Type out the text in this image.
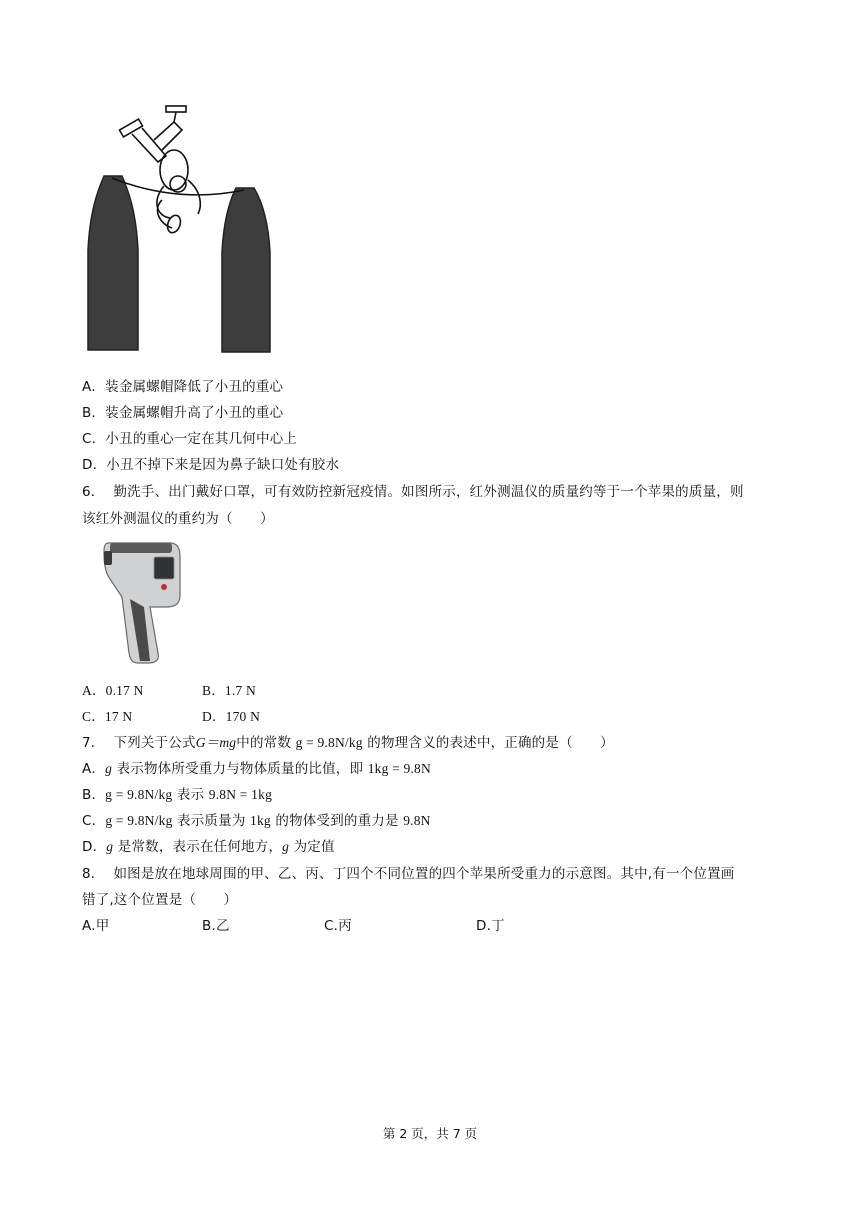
A．装金属螺帽降低了小丑的重心
B．装金属螺帽升高了小丑的重心
C．小丑的重心一定在其几何中心上
D．小丑不掉下来是因为鼻子缺口处有胶水
6． 勤洗手、出门戴好口罩，可有效防控新冠疫情。如图所示，红外测温仪的质量约等于一个苹果的质量，则
该红外测温仪的重约为（　　）
A．0.17 N	B．1.7 N
C．17 N	D．170 N
7． 下列关于公式G＝mg中的常数 g = 9.8N/kg 的物理含义的表述中，正确的是（　　）
A．g 表示物体所受重力与物体质量的比值，即 1kg = 9.8N
B．g = 9.8N/kg 表示 9.8N = 1kg
C．g = 9.8N/kg 表示质量为 1kg 的物体受到的重力是 9.8N
D．g 是常数，表示在任何地方，g 为定值
8． 如图是放在地球周围的甲、乙、丙、丁四个不同位置的四个苹果所受重力的示意图。其中,有一个位置画
错了,这个位置是（　　）
A.甲	B.乙	C.丙	D.丁
第 2 页，共 7 页
